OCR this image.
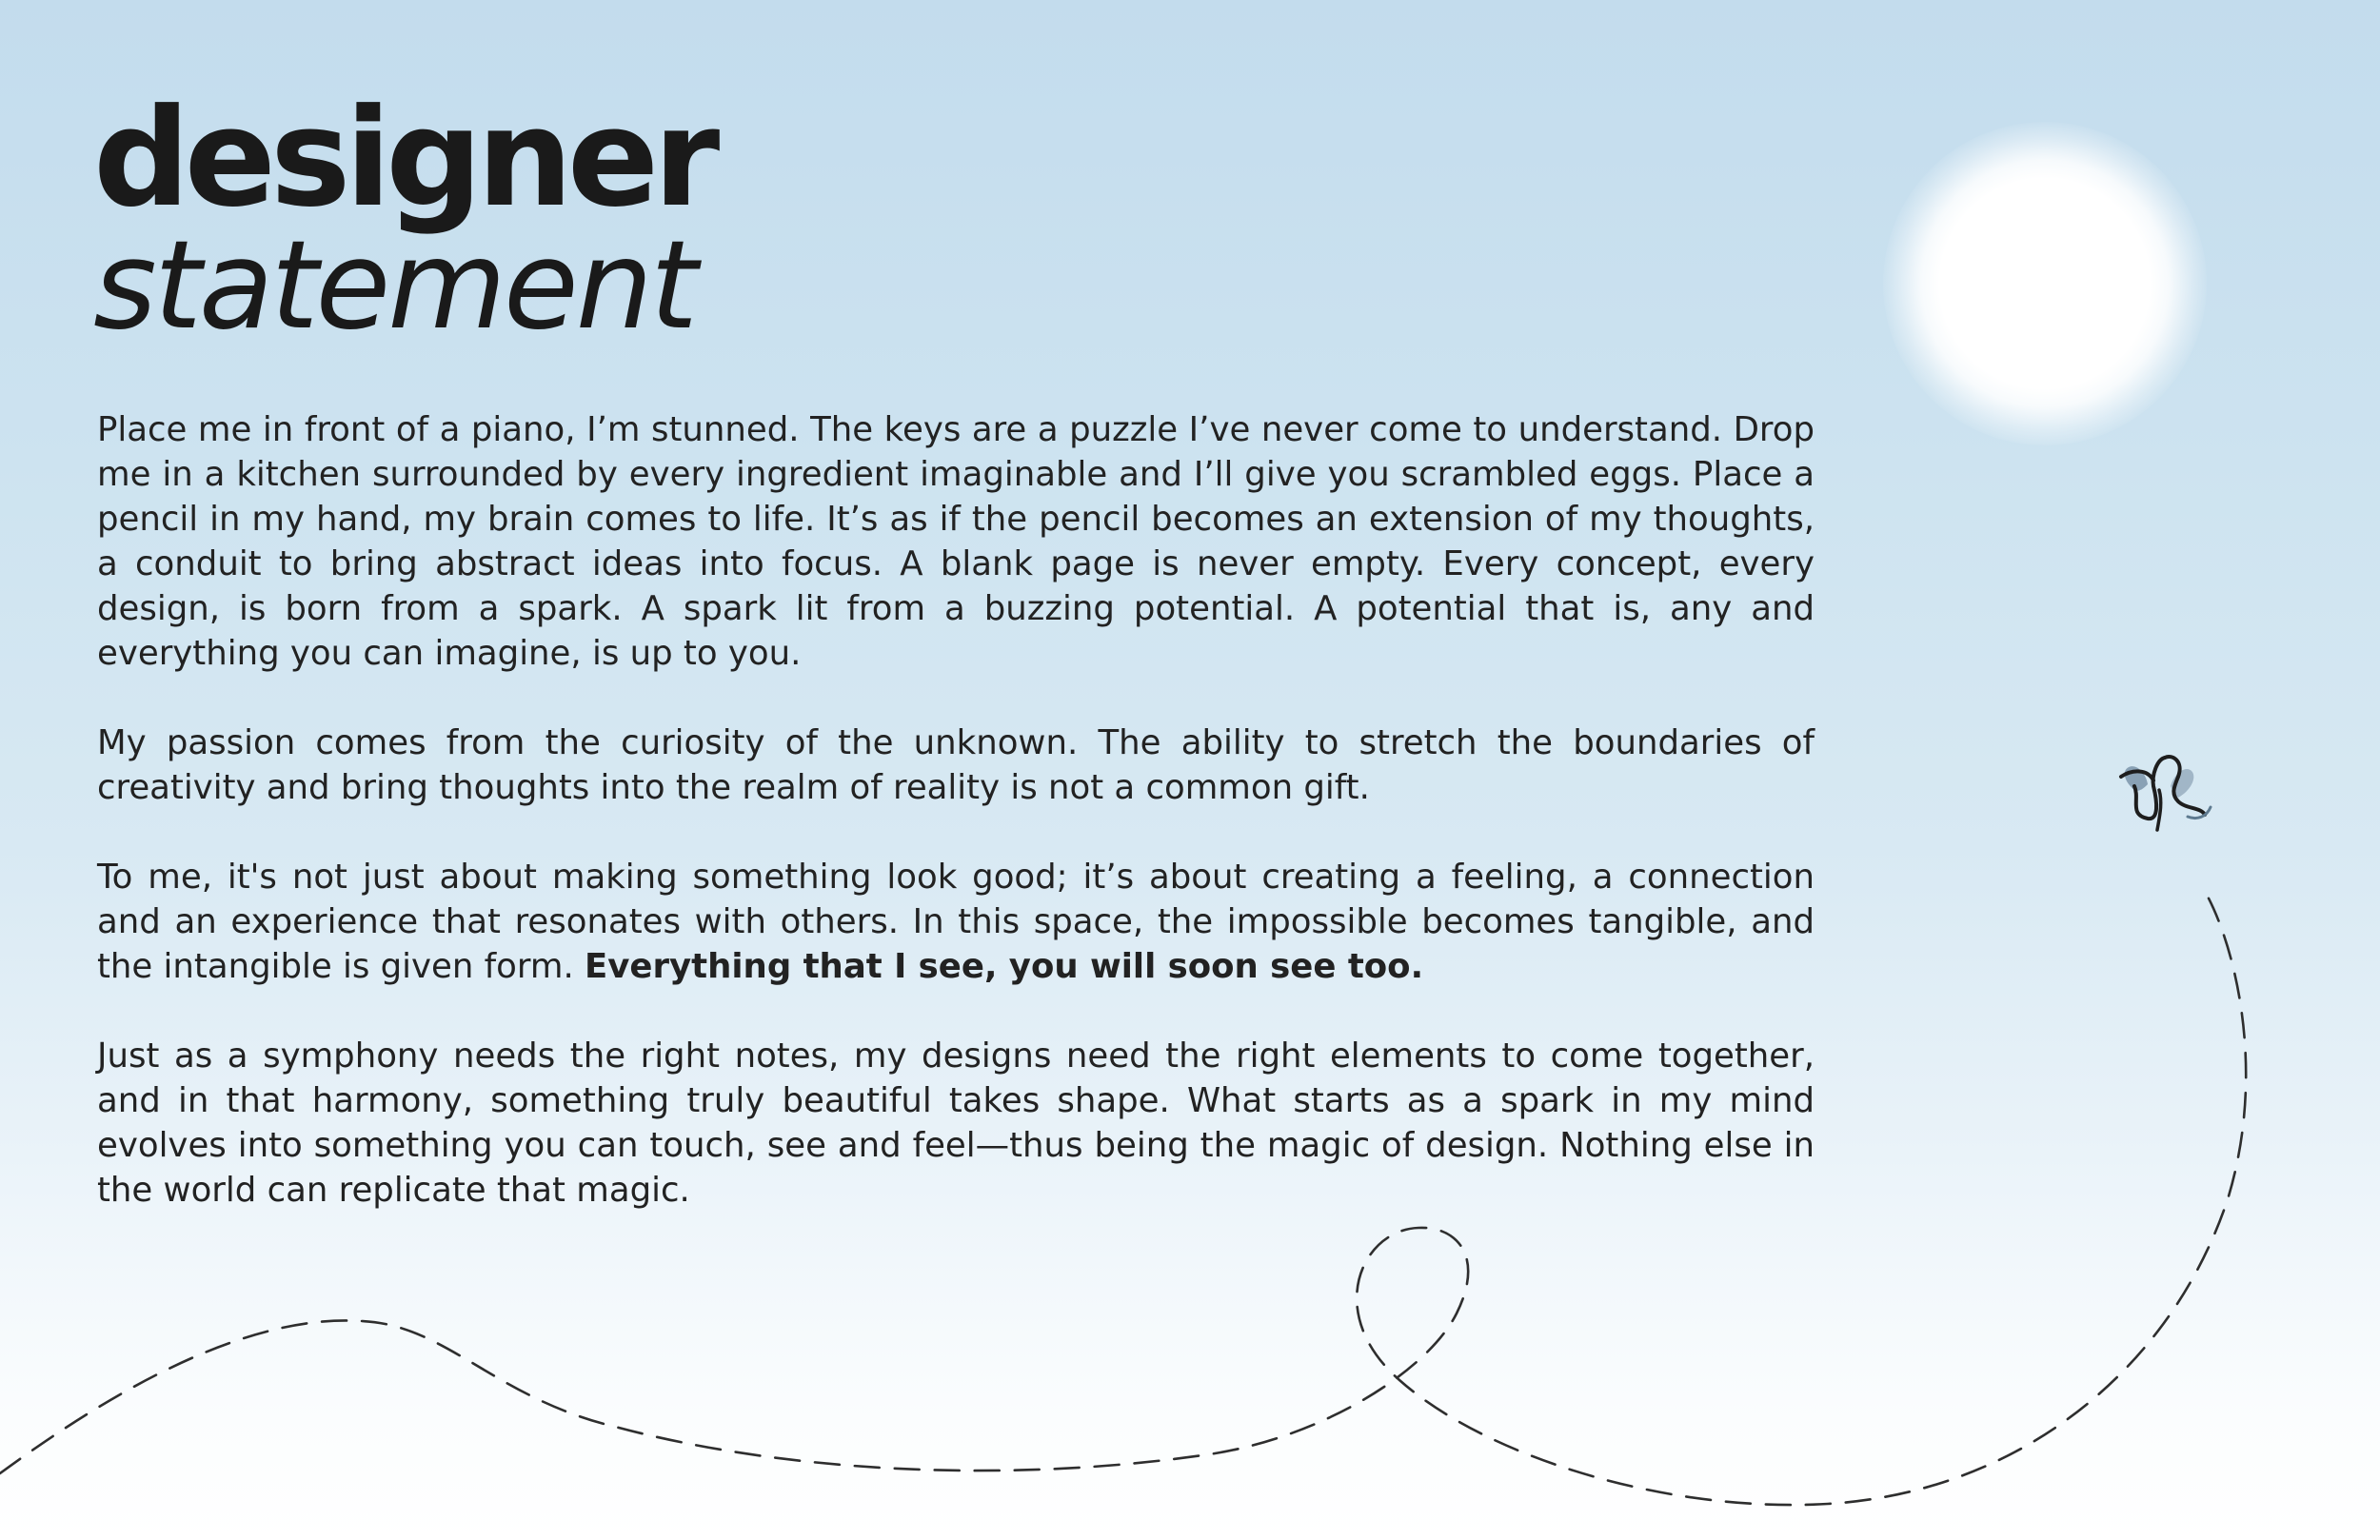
designer
statement

Place me in front of a piano, I’m stunned. The keys are a puzzle I’ve never come to understand. Drop me in a kitchen surrounded by every ingredient imaginable and I’ll give you scrambled eggs. Place a pencil in my hand, my brain comes to life. It’s as if the pencil becomes an extension of my thoughts, a conduit to bring abstract ideas into focus. A blank page is never empty. Every concept, every design, is born from a spark. A spark lit from a buzzing potential. A potential that is, any and everything you can imagine, is up to you.

My passion comes from the curiosity of the unknown. The ability to stretch the boundaries of creativity and bring thoughts into the realm of reality is not a common gift.

To me, it's not just about making something look good; it’s about creating a feeling, a connection and an experience that resonates with others. In this space, the impossible becomes tangible, and the intangible is given form. Everything that I see, you will soon see too.

Just as a symphony needs the right notes, my designs need the right elements to come together, and in that harmony, something truly beautiful takes shape. What starts as a spark in my mind evolves into something you can touch, see and feel—thus being the magic of design. Nothing else in the world can replicate that magic.
